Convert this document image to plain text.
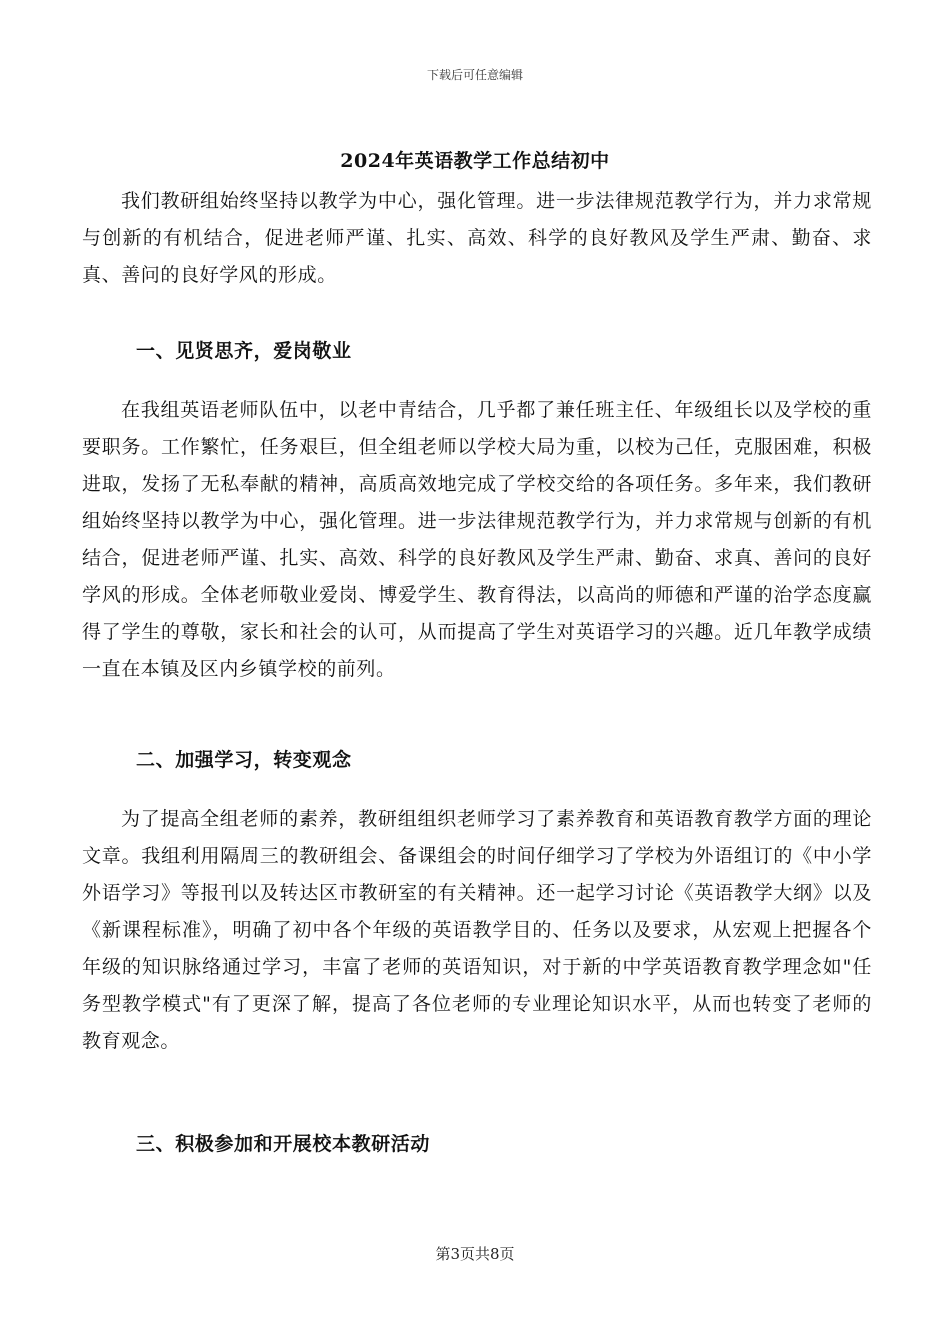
下载后可任意编辑
2024年英语教学工作总结初中

我们教研组始终坚持以教学为中心，强化管理。进一步法律规范教学行为，并力求常规与创新的有机结合，促进老师严谨、扎实、高效、科学的良好教风及学生严肃、勤奋、求真、善问的良好学风的形成。

一、见贤思齐，爱岗敬业

在我组英语老师队伍中，以老中青结合，几乎都了兼任班主任、年级组长以及学校的重要职务。工作繁忙，任务艰巨，但全组老师以学校大局为重，以校为己任，克服困难，积极进取，发扬了无私奉献的精神，高质高效地完成了学校交给的各项任务。多年来，我们教研组始终坚持以教学为中心，强化管理。进一步法律规范教学行为，并力求常规与创新的有机结合，促进老师严谨、扎实、高效、科学的良好教风及学生严肃、勤奋、求真、善问的良好学风的形成。全体老师敬业爱岗、博爱学生、教育得法，以高尚的师德和严谨的治学态度赢得了学生的尊敬，家长和社会的认可，从而提高了学生对英语学习的兴趣。近几年教学成绩一直在本镇及区内乡镇学校的前列。

二、加强学习，转变观念

为了提高全组老师的素养，教研组组织老师学习了素养教育和英语教育教学方面的理论文章。我组利用隔周三的教研组会、备课组会的时间仔细学习了学校为外语组订的《中小学外语学习》等报刊以及转达区市教研室的有关精神。还一起学习讨论《英语教学大纲》以及《新课程标准》，明确了初中各个年级的英语教学目的、任务以及要求，从宏观上把握各个年级的知识脉络通过学习，丰富了老师的英语知识，对于新的中学英语教育教学理念如"任务型教学模式"有了更深了解，提高了各位老师的专业理论知识水平，从而也转变了老师的教育观念。

三、积极参加和开展校本教研活动
第3页共8页
